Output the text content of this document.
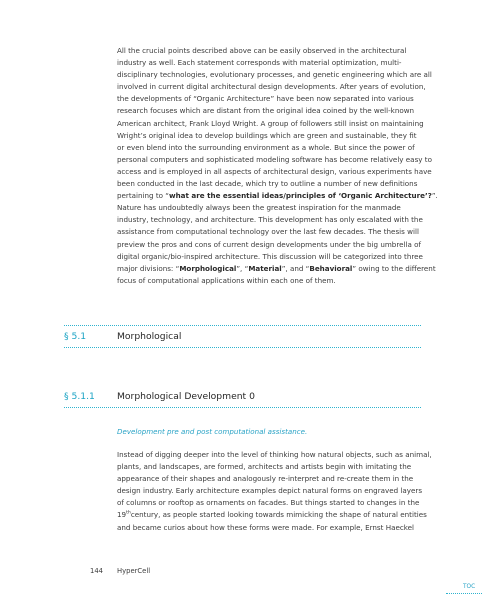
All the crucial points described above can be easily observed in the architectural
industry as well. Each statement corresponds with material optimization, multi-
disciplinary technologies, evolutionary processes, and genetic engineering which are all
involved in current digital architectural design developments. After years of evolution,
the developments of “Organic Architecture” have been now separated into various
research focuses which are distant from the original idea coined by the well-known
American architect, Frank Lloyd Wright. A group of followers still insist on maintaining
Wright’s original idea to develop buildings which are green and sustainable, they fit
or even blend into the surrounding environment as a whole. But since the power of
personal computers and sophisticated modeling software has become relatively easy to
access and is employed in all aspects of architectural design, various experiments have
been conducted in the last decade, which try to outline a number of new definitions
pertaining to “what are the essential ideas/principles of ‘Organic Architecture’?”.
Nature has undoubtedly always been the greatest inspiration for the manmade
industry, technology, and architecture. This development has only escalated with the
assistance from computational technology over the last few decades. The thesis will
preview the pros and cons of current design developments under the big umbrella of
digital organic/bio-inspired architecture. This discussion will be categorized into three
major divisions: “Morphological”, “Material”, and “Behavioral” owing to the different
focus of computational applications within each one of them.
§ 5.1	Morphological
§ 5.1.1 Morphological Development 0
Development pre and post computational assistance.
Instead of digging deeper into the level of thinking how natural objects, such as animal,
plants, and landscapes, are formed, architects and artists begin with imitating the
appearance of their shapes and analogously re-interpret and re-create them in the
design industry. Early architecture examples depict natural forms on engraved layers
of columns or rooftop as ornaments on facades. But things started to changes in the
19thcentury, as people started looking towards mimicking the shape of natural entities
and became curios about how these forms were made. For example, Ernst Haeckel
144 HyperCell
TOC
